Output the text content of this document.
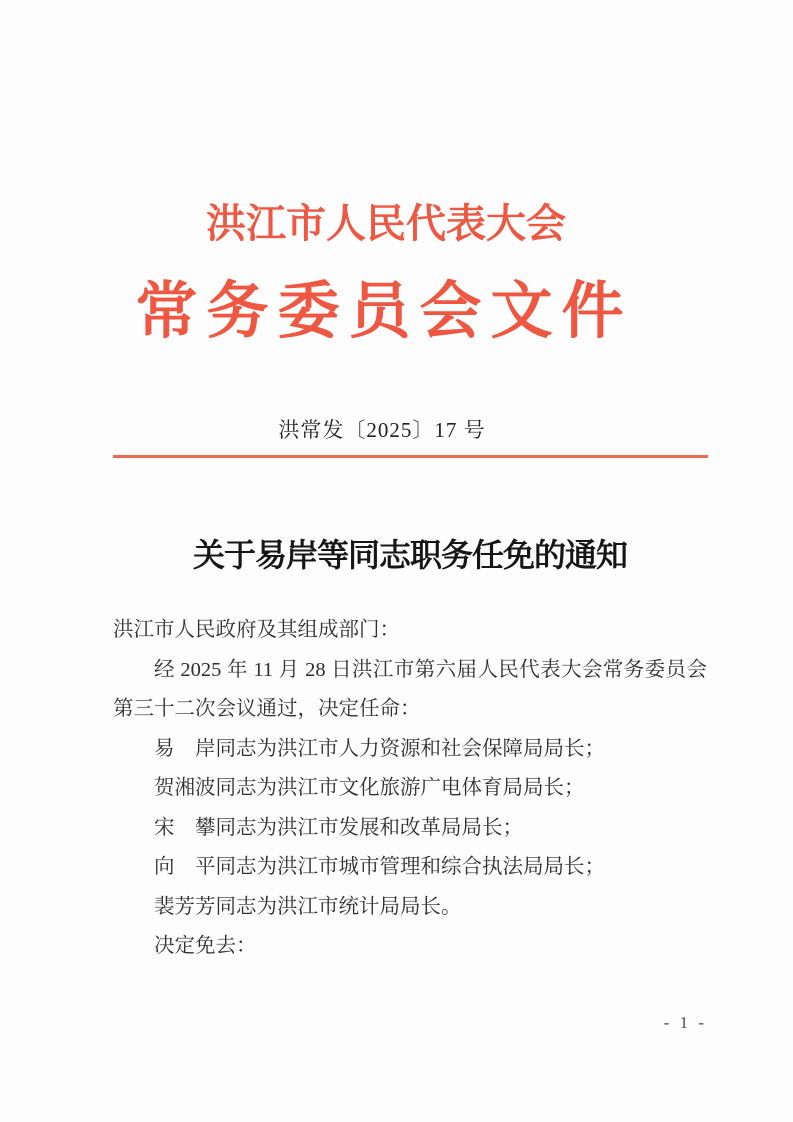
洪江市人民代表大会
常务委员会文件
洪常发〔2025〕17 号
关于易岸等同志职务任免的通知

洪江市人民政府及其组成部门：

经 2025 年 11 月 28 日洪江市第六届人民代表大会常务委员会

第三十二次会议通过，决定任命：

易　岸同志为洪江市人力资源和社会保障局局长；

贺湘波同志为洪江市文化旅游广电体育局局长；

宋　攀同志为洪江市发展和改革局局长；

向　平同志为洪江市城市管理和综合执法局局长；

裴芳芳同志为洪江市统计局局长。

决定免去：

- 1 -
